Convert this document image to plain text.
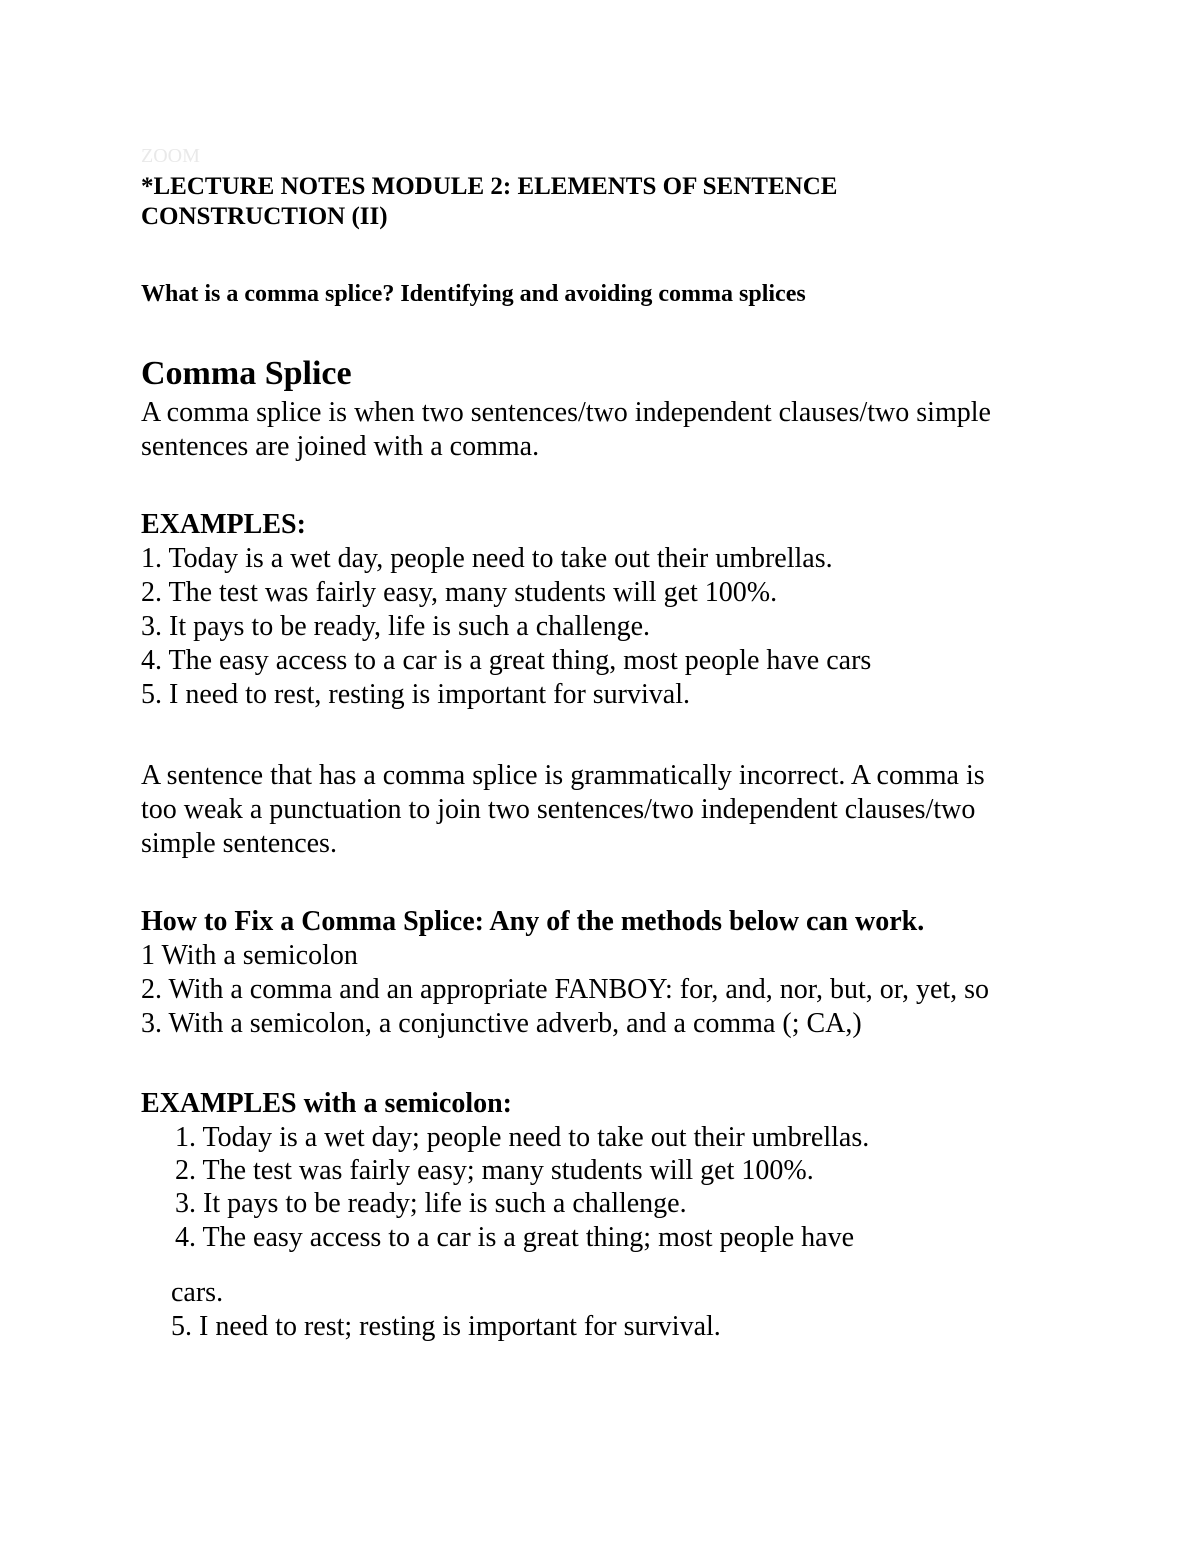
ZOOM
*LECTURE NOTES MODULE 2: ELEMENTS OF SENTENCE
CONSTRUCTION (II)
What is a comma splice? Identifying and avoiding comma splices
Comma Splice
A comma splice is when two sentences/two independent clauses/two simple
sentences are joined with a comma.
EXAMPLES:
1. Today is a wet day, people need to take out their umbrellas.
2. The test was fairly easy, many students will get 100%.
3. It pays to be ready, life is such a challenge.
4. The easy access to a car is a great thing, most people have cars
5. I need to rest, resting is important for survival.
A sentence that has a comma splice is grammatically incorrect. A comma is
too weak a punctuation to join two sentences/two independent clauses/two
simple sentences.
How to Fix a Comma Splice: Any of the methods below can work.
1 With a semicolon
2. With a comma and an appropriate FANBOY: for, and, nor, but, or, yet, so
3. With a semicolon, a conjunctive adverb, and a comma (; CA,)
EXAMPLES with a semicolon:
1. Today is a wet day; people need to take out their umbrellas.
2. The test was fairly easy; many students will get 100%.
3. It pays to be ready; life is such a challenge.
4. The easy access to a car is a great thing; most people have
cars.
5. I need to rest; resting is important for survival.
